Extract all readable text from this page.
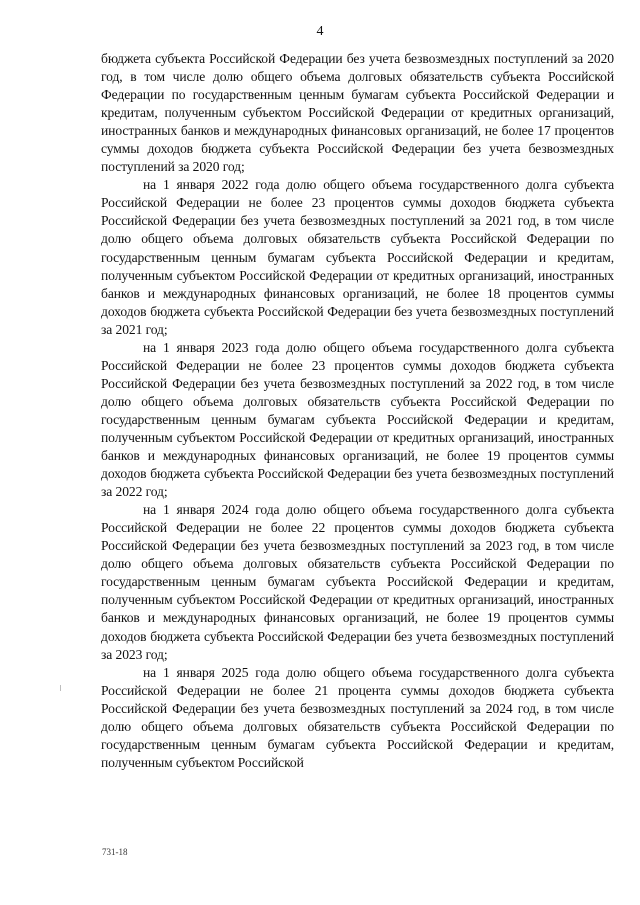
4

бюджета субъекта Российской Федерации без учета безвозмездных поступлений за 2020 год, в том числе долю общего объема долговых обязательств субъекта Российской Федерации по государственным ценным бумагам субъекта Российской Федерации и кредитам, полученным субъектом Российской Федерации от кредитных организаций, иностранных банков и международных финансовых организаций, не более 17 процентов суммы доходов бюджета субъекта Российской Федерации без учета безвозмездных поступлений за 2020 год;

на 1 января 2022 года долю общего объема государственного долга субъекта Российской Федерации не более 23 процентов суммы доходов бюджета субъекта Российской Федерации без учета безвозмездных поступлений за 2021 год, в том числе долю общего объема долговых обязательств субъекта Российской Федерации по государственным ценным бумагам субъекта Российской Федерации и кредитам, полученным субъектом Российской Федерации от кредитных организаций, иностранных банков и международных финансовых организаций, не более 18 процентов суммы доходов бюджета субъекта Российской Федерации без учета безвозмездных поступлений за 2021 год;

на 1 января 2023 года долю общего объема государственного долга субъекта Российской Федерации не более 23 процентов суммы доходов бюджета субъекта Российской Федерации без учета безвозмездных поступлений за 2022 год, в том числе долю общего объема долговых обязательств субъекта Российской Федерации по государственным ценным бумагам субъекта Российской Федерации и кредитам, полученным субъектом Российской Федерации от кредитных организаций, иностранных банков и международных финансовых организаций, не более 19 процентов суммы доходов бюджета субъекта Российской Федерации без учета безвозмездных поступлений за 2022 год;

на 1 января 2024 года долю общего объема государственного долга субъекта Российской Федерации не более 22 процентов суммы доходов бюджета субъекта Российской Федерации без учета безвозмездных поступлений за 2023 год, в том числе долю общего объема долговых обязательств субъекта Российской Федерации по государственным ценным бумагам субъекта Российской Федерации и кредитам, полученным субъектом Российской Федерации от кредитных организаций, иностранных банков и международных финансовых организаций, не более 19 процентов суммы доходов бюджета субъекта Российской Федерации без учета безвозмездных поступлений за 2023 год;

на 1 января 2025 года долю общего объема государственного долга субъекта Российской Федерации не более 21 процента суммы доходов бюджета субъекта Российской Федерации без учета безвозмездных поступлений за 2024 год, в том числе долю общего объема долговых обязательств субъекта Российской Федерации по государственным ценным бумагам субъекта Российской Федерации и кредитам, полученным субъектом Российской

731-18
